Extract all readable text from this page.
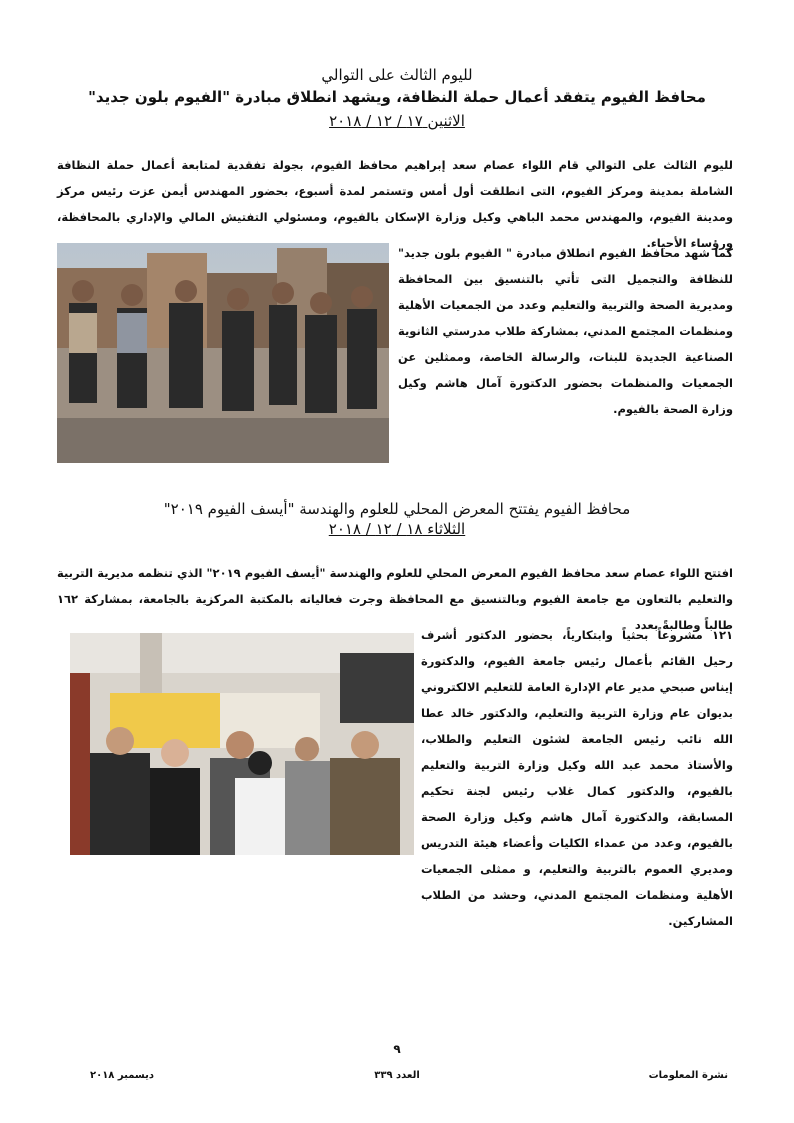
لليوم الثالث على التوالي
محافظ الفيوم يتفقد أعمال حملة النظافة، ويشهد انطلاق مبادرة "الفيوم بلون جديد"
الاثنين ١٧ / ١٢ / ٢٠١٨
لليوم الثالث على التوالي قام اللواء عصام سعد إبراهيم محافظ الفيوم، بجولة تفقدية لمتابعة أعمال حملة النظافة الشاملة بمدينة ومركز الفيوم، التى انطلقت أول أمس وتستمر لمدة أسبوع، بحضور المهندس أيمن عزت رئيس مركز ومدينة الفيوم، والمهندس محمد الباهي وكيل وزارة الإسكان بالفيوم، ومسئولي التفتيش المالي والإداري بالمحافظة، ورؤساء الأحياء.
كما شهد محافظ الفيوم انطلاق مبادرة " الفيوم بلون جديد" للنظافة والتجميل التى تأتي بالتنسيق بين المحافظة ومديرية الصحة والتربية والتعليم وعدد من الجمعيات الأهلية ومنظمات المجتمع المدني، بمشاركة طلاب مدرستي الثانوية الصناعية الجديدة للبنات، والرسالة الخاصة، وممثلين عن الجمعيات والمنظمات بحضور الدكتورة آمال هاشم وكيل وزارة الصحة بالفيوم.
محافظ الفيوم يفتتح المعرض المحلي للعلوم والهندسة "أيسف الفيوم ٢٠١٩"
الثلاثاء ١٨ / ١٢ / ٢٠١٨
افتتح اللواء عصام سعد محافظ الفيوم المعرض المحلي للعلوم والهندسة "أيسف الفيوم ٢٠١٩" الذي تنظمه مديرية التربية والتعليم بالتعاون مع جامعة الفيوم وبالتنسيق مع المحافظة وجرت فعالياته بالمكتبة المركزية بالجامعة، بمشاركة ١٦٢ طالباً وطالبةً بعدد
١٢١ مشروعاً بحثياً وابتكارياً، بحضور الدكتور أشرف رحيل القائم بأعمال رئيس جامعة الفيوم، والدكتورة إيناس صبحي مدير عام الإدارة العامة للتعليم الالكتروني بديوان عام وزارة التربية والتعليم، والدكتور خالد عطا الله نائب رئيس الجامعة لشئون التعليم والطلاب، والأستاذ محمد عبد الله وكيل وزارة التربية والتعليم بالفيوم، والدكتور كمال غلاب رئيس لجنة تحكيم المسابقة، والدكتورة آمال هاشم وكيل وزارة الصحة بالفيوم، وعدد من عمداء الكليات وأعضاء هيئة التدريس ومديري العموم بالتربية والتعليم، و ممثلى الجمعيات الأهلية ومنظمات المجتمع المدني، وحشد من الطلاب المشاركين.
٩
نشرة المعلومات
العدد ٣٣٩
ديسمبر ٢٠١٨
